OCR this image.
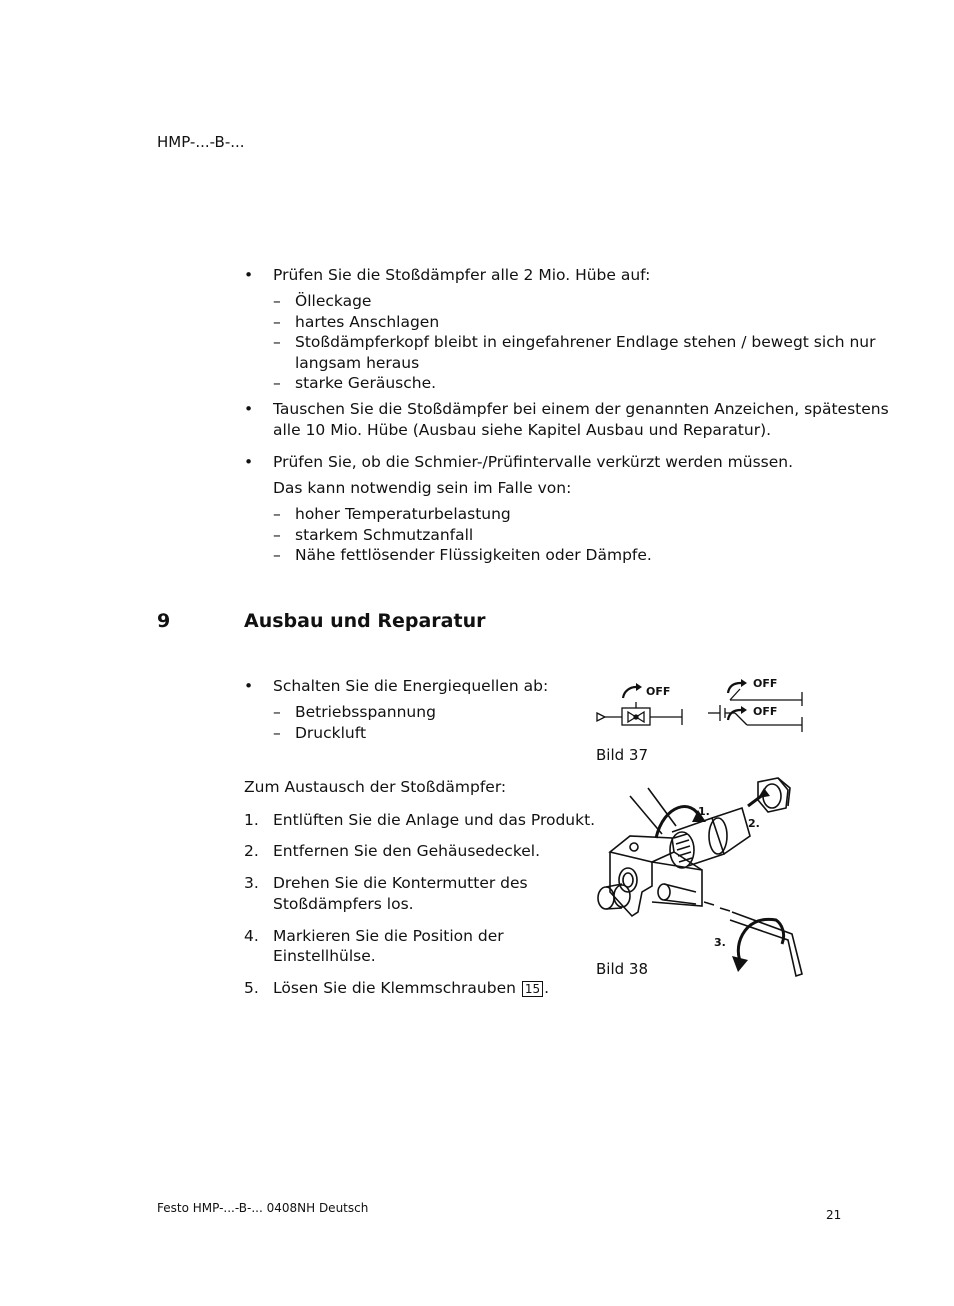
HMP-...-B-...
•	Prüfen Sie die Stoßdämpfer alle 2 Mio. Hübe auf:
– Ölleckage
– hartes Anschlagen
– Stoßdämpferkopf bleibt in eingefahrener Endlage stehen / bewegt sich nur
langsam heraus
– starke Geräusche.
•	Tauschen Sie die Stoßdämpfer bei einem der genannten Anzeichen, spätestens
alle 10 Mio. Hübe (Ausbau siehe Kapitel Ausbau und Reparatur).
•	Prüfen Sie, ob die Schmier-/Prüfintervalle verkürzt werden müssen.
Das kann notwendig sein im Falle von:
– hoher Temperaturbelastung
– starkem Schmutzanfall
– Nähe fettlösender Flüssigkeiten oder Dämpfe.
9	Ausbau und Reparatur
•	Schalten Sie die Energiequellen ab:
– Betriebsspannung
– Druckluft
Zum Austausch der Stoßdämpfer:
1. Entlüften Sie die Anlage und das Produkt.
2. Entfernen Sie den Gehäusedeckel.
3. Drehen Sie die Kontermutter des
Stoßdämpfers los.
4. Markieren Sie die Position der
Einstellhülse.
5. Lösen Sie die Klemmschrauben 15 .
OFF
OFF
OFF
Bild 37
1.
2.
3.
Bild 38
Festo HMP-...-B-... 0408NH Deutsch	21
